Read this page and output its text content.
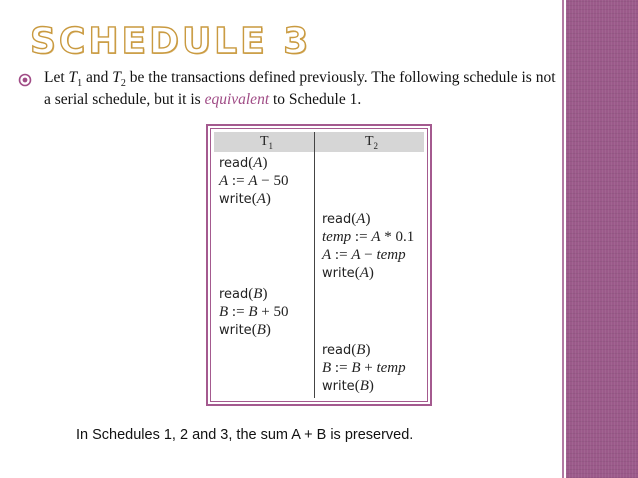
SCHEDULE 3
Let $T_1$ and $T_2$ be the transactions defined previously. The following schedule is not a serial schedule, but it is equivalent to Schedule 1.
$T_1$	$T_2$
read(A)
A := A − 50
write(A)
read(B)
B := B + 50
write(B)
read(A)
temp := A * 0.1
A := A − temp
write(A)
read(B)
B := B + temp
write(B)
In Schedules 1, 2 and 3, the sum A + B is preserved.
